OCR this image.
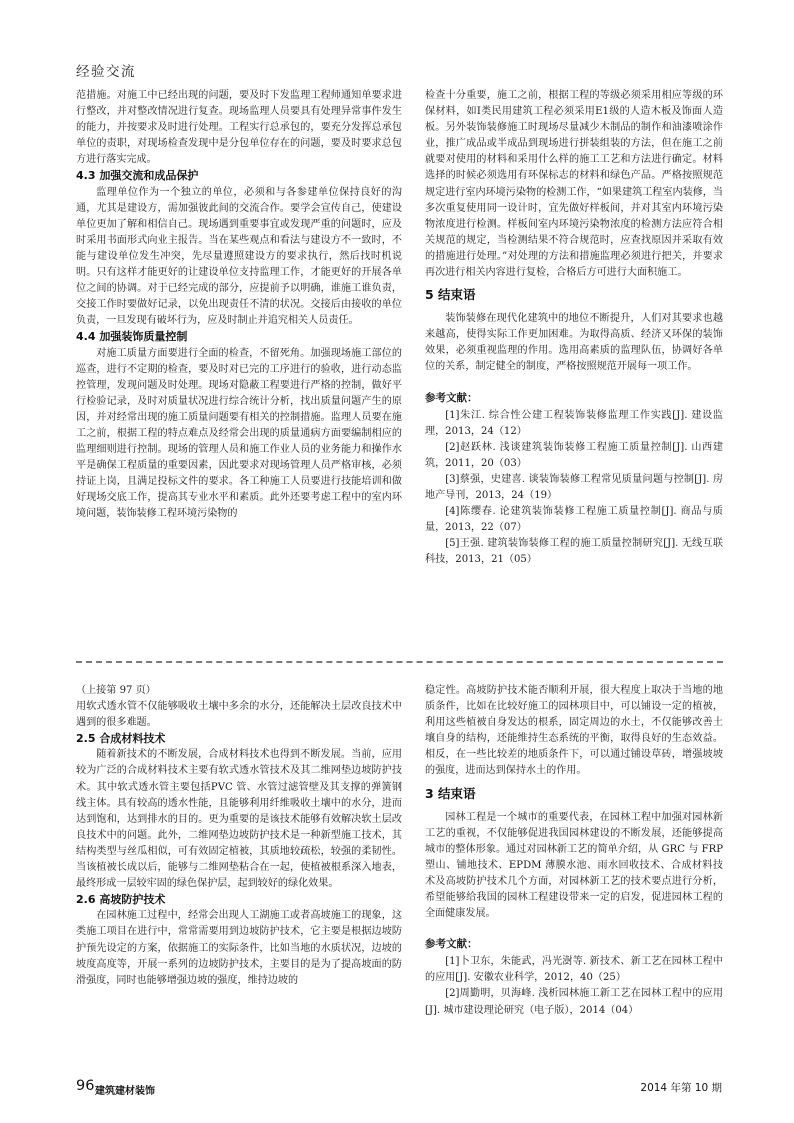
经验交流

范措施。对施工中已经出现的问题，要及时下发监理工程师通知单要求进行整改，并对整改情况进行复查。现场监理人员要具有处理异常事件发生的能力，并按要求及时进行处理。工程实行总承包的，要充分发挥总承包单位的责职，对现场检查发现中是分包单位存在的问题，要及时要求总包方进行落实完成。

4.3 加强交流和成品保护

监理单位作为一个独立的单位，必须和与各参建单位保持良好的沟通，尤其是建设方，需加强彼此间的交流合作。要学会宣传自己，使建设单位更加了解和相信自己。现场遇到重要事宜或发现严重的问题时，应及时采用书面形式向业主报告。当在某些观点和看法与建设方不一致时，不能与建设单位发生冲突，先尽量遵照建设方的要求执行，然后找时机说明。只有这样才能更好的让建设单位支持监理工作，才能更好的开展各单位之间的协调。对于已经完成的部分，应提前予以明确，谁施工谁负责，交接工作时要做好记录，以免出现责任不清的状况。交接后由接收的单位负责，一旦发现有破坏行为，应及时制止并追究相关人员责任。

4.4 加强装饰质量控制

对施工质量方面要进行全面的检查，不留死角。加强现场施工部位的巡查，进行不定期的检查，要及时对已完的工序进行的验收，进行动态监控管理，发现问题及时处理。现场对隐蔽工程要进行严格的控制，做好平行检验记录，及时对质量状况进行综合统计分析，找出质量问题产生的原因，并对经常出现的施工质量问题要有相关的控制措施。监理人员要在施工之前，根据工程的特点难点及经常会出现的质量通病方面要编制相应的监理细则进行控制。现场的管理人员和施工作业人员的业务能力和操作水平是确保工程质量的重要因素，因此要求对现场管理人员严格审核，必须持证上岗，且满足投标文件的要求。各工种施工人员要进行技能培训和做好现场交底工作，提高其专业水平和素质。此外还要考虑工程中的室内环境问题，装饰装修工程环境污染物的

检查十分重要，施工之前，根据工程的等级必须采用相应等级的环保材料，如Ⅰ类民用建筑工程必须采用E1级的人造木板及饰面人造板。另外装饰装修施工时现场尽量减少木制品的制作和油漆喷涂作业，推广成品或半成品到现场进行拼装组装的方法，但在施工之前就要对使用的材料和采用什么样的施工工艺和方法进行确定。材料选择的时候必须选用有环保标志的材料和绿色产品。严格按照规范规定进行室内环境污染物的检测工作，“如果建筑工程室内装修，当多次重复使用同一设计时，宜先做好样板间，并对其室内环境污染物浓度进行检测。样板间室内环境污染物浓度的检测方法应符合相关规范的规定，当检测结果不符合规范时，应查找原因并采取有效的措施进行处理。”对处理的方法和措施监理必须进行把关，并要求再次进行相关内容进行复检，合格后方可进行大面积施工。

5 结束语

装饰装修在现代化建筑中的地位不断提升，人们对其要求也越来越高，使得实际工作更加困难。为取得高质、经济又环保的装饰效果，必须重视监理的作用。选用高素质的监理队伍，协调好各单位的关系，制定健全的制度，严格按照规范开展每一项工作。

参考文献：

[1]朱江. 综合性公建工程装饰装修监理工作实践[J]. 建设监理，2013，24（12）

[2]赵跃林. 浅谈建筑装饰装修工程施工质量控制[J]. 山西建筑，2011，20（03）

[3]蔡强，史建喜. 谈装饰装修工程常见质量问题与控制[J]. 房地产导刊，2013，24（19）

[4]陈缨春. 论建筑装饰装修工程施工质量控制[J]. 商品与质量，2013，22（07）

[5]王强. 建筑装饰装修工程的施工质量控制研究[J]. 无线互联科技，2013，21（05）

（上接第 97 页）

用软式透水管不仅能够吸收土壤中多余的水分，还能解决土层改良技术中遇到的很多难题。

2.5 合成材料技术

随着新技术的不断发展，合成材料技术也得到不断发展。当前，应用较为广泛的合成材料技术主要有软式透水管技术及其二维网垫边坡防护技术。其中软式透水管主要包括PVC 管、水管过滤管壁及其支撑的弹簧钢线主体。具有较高的透水性能，且能够利用纤维吸收土壤中的水分，进而达到饱和，达到排水的目的。更为重要的是该技术能够有效解决软土层改良技术中的问题。此外，二维网垫边坡防护技术是一种新型施工技术，其结构类型与丝瓜相似，可有效固定植被，其质地较疏松，较强的柔韧性。当该植被长成以后，能够与二维网垫粘合在一起，使植被根系深入地表，最终形成一层较牢固的绿色保护层，起到较好的绿化效果。

2.6 高坡防护技术

在园林施工过程中，经常会出现人工湖施工或者高坡施工的现象，这类施工项目在进行中，常常需要用到边坡防护技术，它主要是根据边坡防护预先设定的方案，依据施工的实际条件，比如当地的水质状况，边坡的坡度高度等，开展一系列的边坡防护技术，主要目的是为了提高坡面的防滑强度，同时也能够增强边坡的强度，维持边坡的

稳定性。高坡防护技术能否顺利开展，很大程度上取决于当地的地质条件，比如在比较好施工的园林项目中，可以铺设一定的植被，利用这些植被自身发达的根系，固定周边的水土，不仅能够改善土壤自身的结构，还能维持生态系统的平衡，取得良好的生态效益。相反，在一些比较差的地质条件下，可以通过铺设草砖，增强坡坡的强度，进而达到保持水土的作用。

3 结束语

园林工程是一个城市的重要代表，在园林工程中加强对园林新工艺的重视，不仅能够促进我国园林建设的不断发展，还能够提高城市的整体形象。通过对园林新工艺的简单介绍，从 GRC 与 FRP 塑山、铺地技术、EPDM 薄膜水池、雨水回收技术、合成材料技术及高坡防护技术几个方面，对园林新工艺的技术要点进行分析，希望能够给我国的园林工程建设带来一定的启发，促进园林工程的全面健康发展。

参考文献：

[1]卜卫东，朱能武，冯光澍等. 新技术、新工艺在园林工程中的应用[J]. 安徽农业科学，2012，40（25）

[2]周勤明，贝海峰. 浅析园林施工新工艺在园林工程中的应用[J]. 城市建设理论研究（电子版），2014（04）

96 建筑建材装饰	2014 年第 10 期
